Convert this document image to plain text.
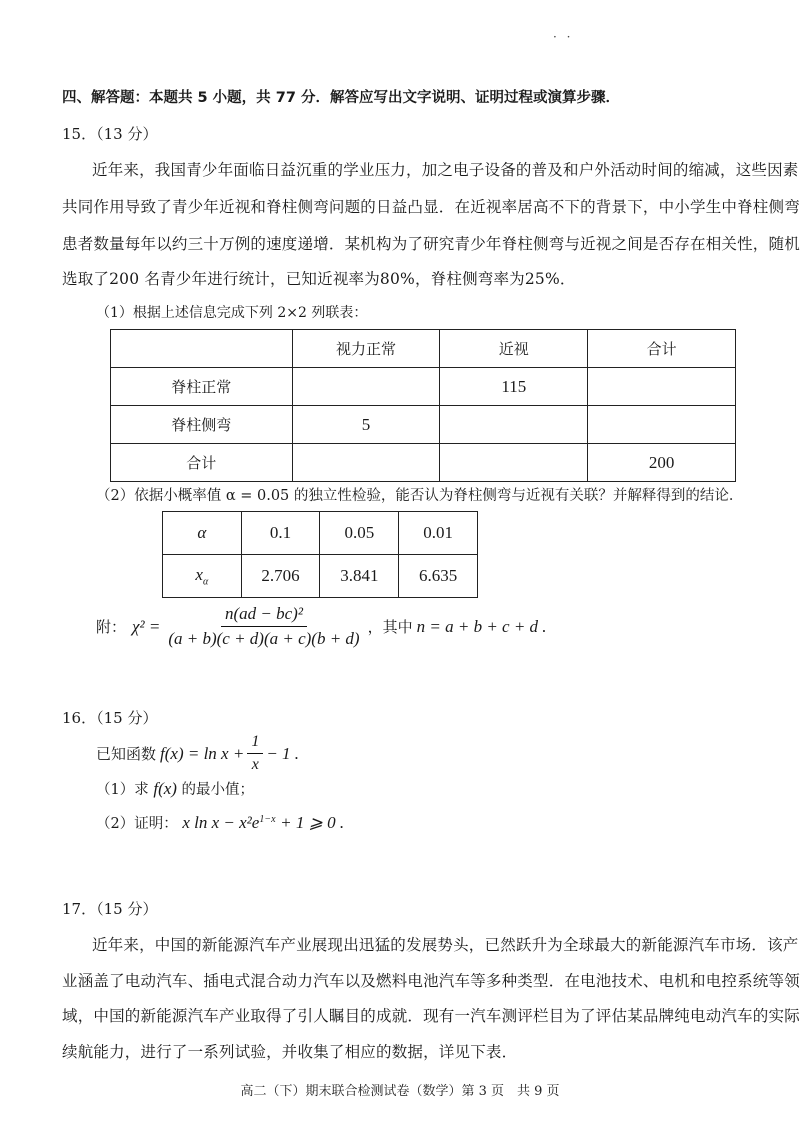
· ·
四、解答题：本题共 5 小题，共 77 分．解答应写出文字说明、证明过程或演算步骤．
15．（13 分）
近年来，我国青少年面临日益沉重的学业压力，加之电子设备的普及和户外活动时间的缩减，这些因素
共同作用导致了青少年近视和脊柱侧弯问题的日益凸显．在近视率居高不下的背景下，中小学生中脊柱侧弯
患者数量每年以约三十万例的速度递增．某机构为了研究青少年脊柱侧弯与近视之间是否存在相关性，随机
选取了200 名青少年进行统计，已知近视率为80%，脊柱侧弯率为25%．
（1）根据上述信息完成下列 2×2 列联表：
	视力正常	近视	合计
脊柱正常		115	
脊柱侧弯	5		
合计			200
（2）依据小概率值 α = 0.05 的独立性检验，能否认为脊柱侧弯与近视有关联？并解释得到的结论．
α	0.1	0.05	0.01
$x_\alpha$	2.706	3.841	6.635
附： $\chi^2 = \frac{\text{n(ad − bc)²}}{(a + b)(c + d)(a + c)(b + d)}$ ，其中 n = a + b + c + d .
16．（15 分）
已知函数 $f(x) = \ln x + \frac{1}{x} - 1$ .
（1）求 f(x) 的最小值；
（2）证明： x $\ln x - x^2e^{1-x} + 1$ ⩾ 0 .
17．（15 分）
近年来，中国的新能源汽车产业展现出迅猛的发展势头，已然跃升为全球最大的新能源汽车市场．该产
业涵盖了电动汽车、插电式混合动力汽车以及燃料电池汽车等多种类型．在电池技术、电机和电控系统等领
域，中国的新能源汽车产业取得了引人瞩目的成就．现有一汽车测评栏目为了评估某品牌纯电动汽车的实际
续航能力，进行了一系列试验，并收集了相应的数据，详见下表．
高二（下）期末联合检测试卷（数学）第 3 页　共 9 页
